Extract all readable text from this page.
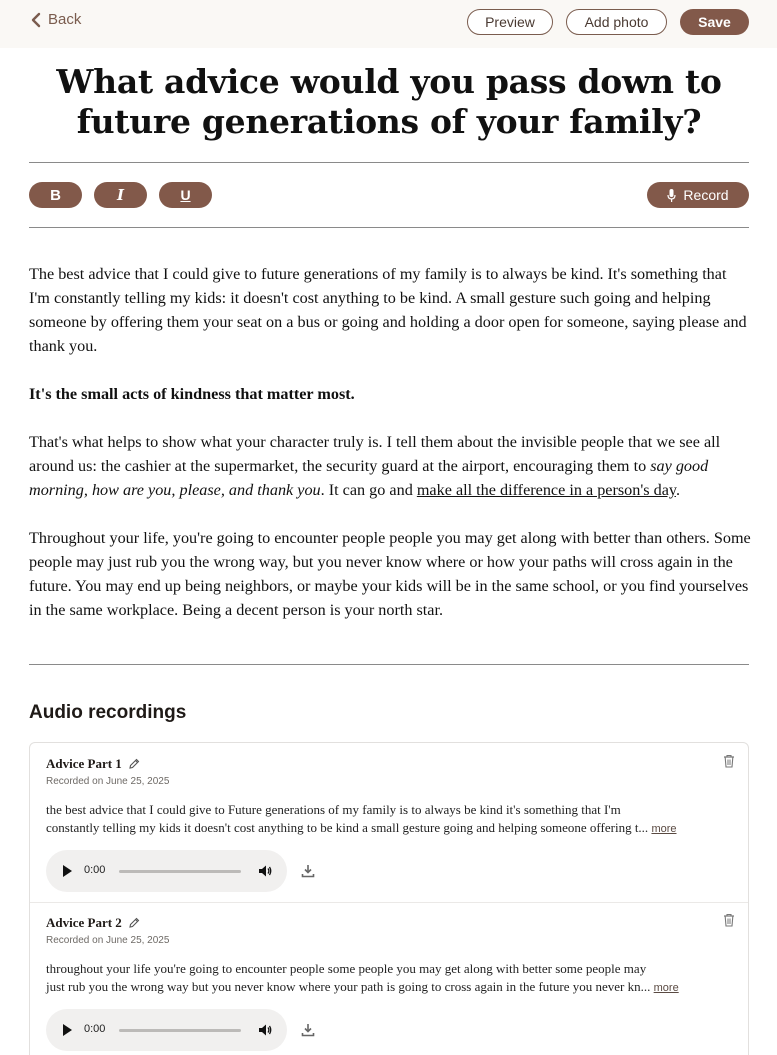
Back	Preview	Add photo	Save
What advice would you pass down to future generations of your family?
B	I	U	Record

The best advice that I could give to future generations of my family is to always be kind. It's something that I'm constantly telling my kids: it doesn't cost anything to be kind. A small gesture such going and helping someone by offering them your seat on a bus or going and holding a door open for someone, saying please and thank you.

It's the small acts of kindness that matter most.

That's what helps to show what your character truly is. I tell them about the invisible people that we see all around us: the cashier at the supermarket, the security guard at the airport, encouraging them to say good morning, how are you, please, and thank you. It can go and make all the difference in a person's day.

Throughout your life, you're going to encounter people people you may get along with better than others. Some people may just rub you the wrong way, but you never know where or how your paths will cross again in the future. You may end up being neighbors, or maybe your kids will be in the same school, or you find yourselves in the same workplace. Being a decent person is your north star.

Audio recordings
Advice Part 1
Recorded on June 25, 2025
the best advice that I could give to Future generations of my family is to always be kind it's something that I'm
constantly telling my kids it doesn't cost anything to be kind a small gesture going and helping someone offering t... more
0:00
Advice Part 2
Recorded on June 25, 2025
throughout your life you're going to encounter people some people you may get along with better some people may
just rub you the wrong way but you never know where your path is going to cross again in the future you never kn... more
0:00
